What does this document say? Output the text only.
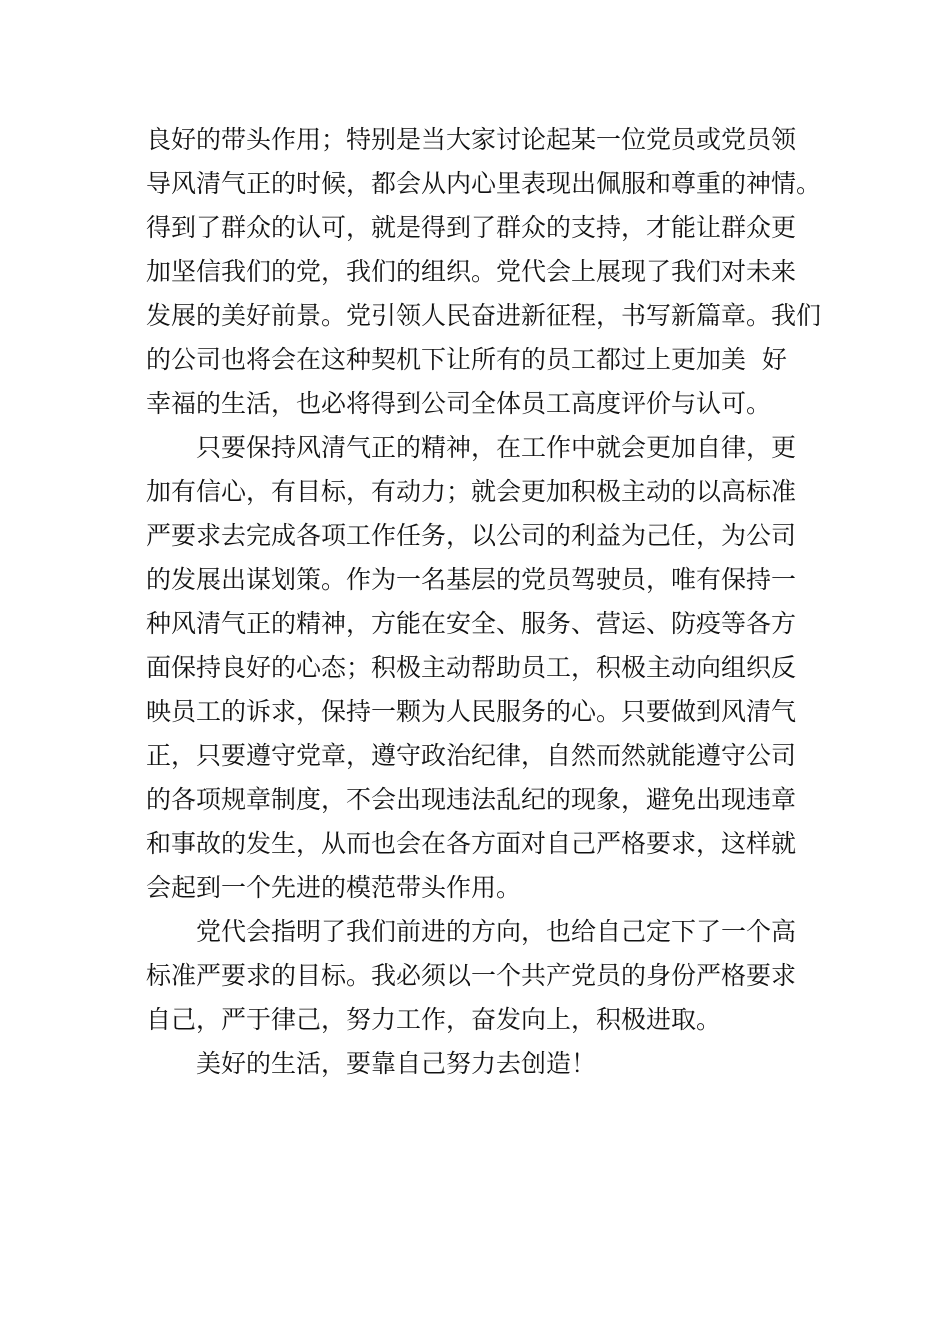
良好的带头作用；特别是当大家讨论起某一位党员或党员领
导风清气正的时候，都会从内心里表现出佩服和尊重的神情。
得到了群众的认可，就是得到了群众的支持，才能让群众更
加坚信我们的党，我们的组织。党代会上展现了我们对未来
发展的美好前景。党引领人民奋进新征程，书写新篇章。我们
的公司也将会在这种契机下让所有的员工都过上更加美  好
幸福的生活，也必将得到公司全体员工高度评价与认可。
只要保持风清气正的精神，在工作中就会更加自律，更
加有信心，有目标，有动力；就会更加积极主动的以高标准
严要求去完成各项工作任务，以公司的利益为己任，为公司
的发展出谋划策。作为一名基层的党员驾驶员，唯有保持一
种风清气正的精神，方能在安全、服务、营运、防疫等各方
面保持良好的心态；积极主动帮助员工，积极主动向组织反
映员工的诉求，保持一颗为人民服务的心。只要做到风清气
正，只要遵守党章，遵守政治纪律，自然而然就能遵守公司
的各项规章制度，不会出现违法乱纪的现象，避免出现违章
和事故的发生，从而也会在各方面对自己严格要求，这样就
会起到一个先进的模范带头作用。
党代会指明了我们前进的方向，也给自己定下了一个高
标准严要求的目标。我必须以一个共产党员的身份严格要求
自己，严于律己，努力工作，奋发向上，积极进取。
美好的生活，要靠自己努力去创造！
